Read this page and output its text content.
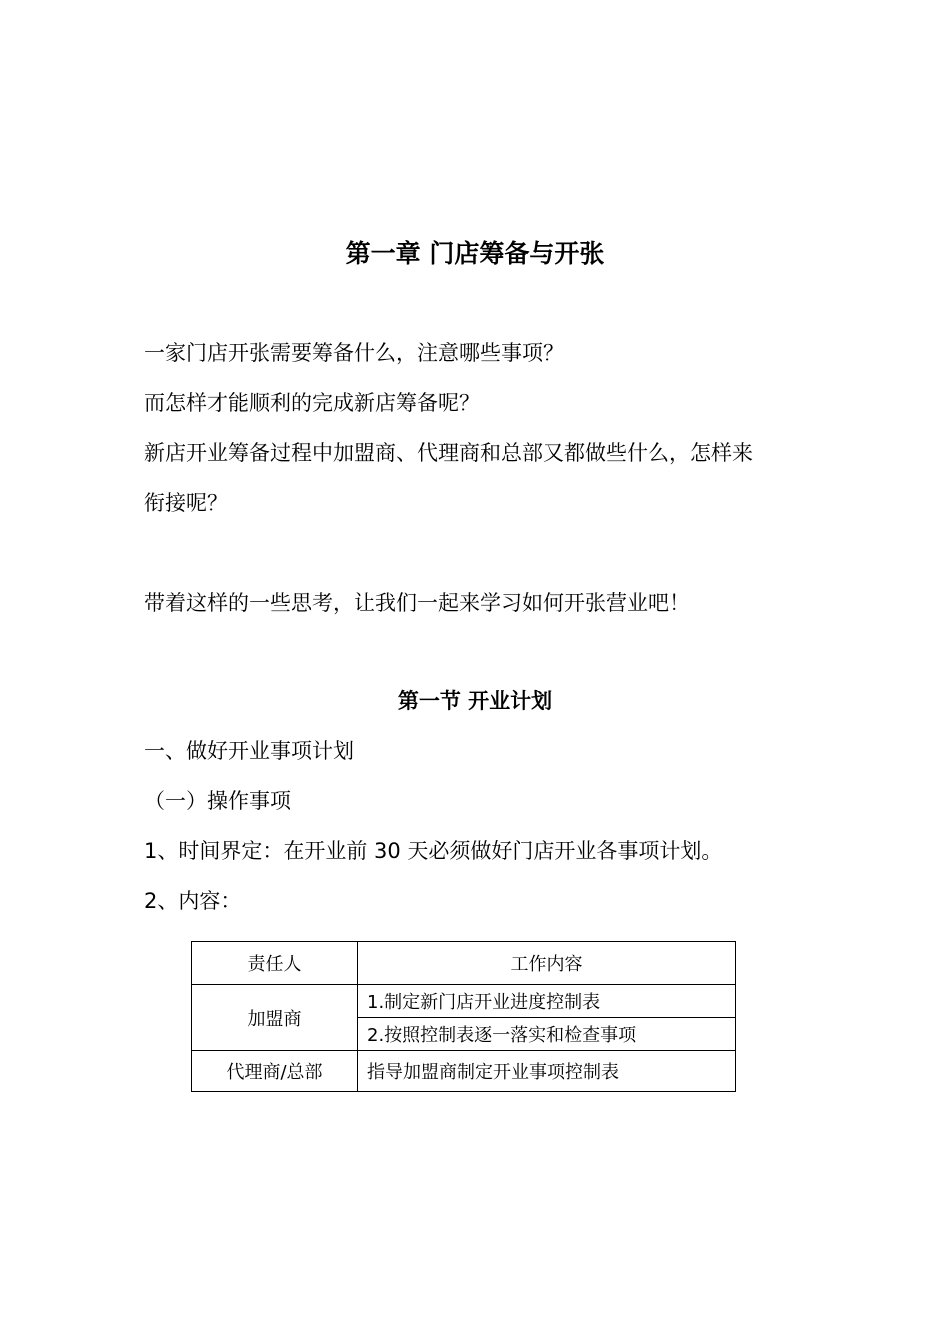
第一章 门店筹备与开张
一家门店开张需要筹备什么，注意哪些事项？
而怎样才能顺利的完成新店筹备呢？
新店开业筹备过程中加盟商、代理商和总部又都做些什么，怎样来
衔接呢？
带着这样的一些思考，让我们一起来学习如何开张营业吧！
第一节 开业计划
一、做好开业事项计划
（一）操作事项
1、时间界定：在开业前 30 天必须做好门店开业各事项计划。
2、内容：
责任人	工作内容
加盟商	1.制定新门店开业进度控制表
	2.按照控制表逐一落实和检查事项
代理商/总部	指导加盟商制定开业事项控制表
